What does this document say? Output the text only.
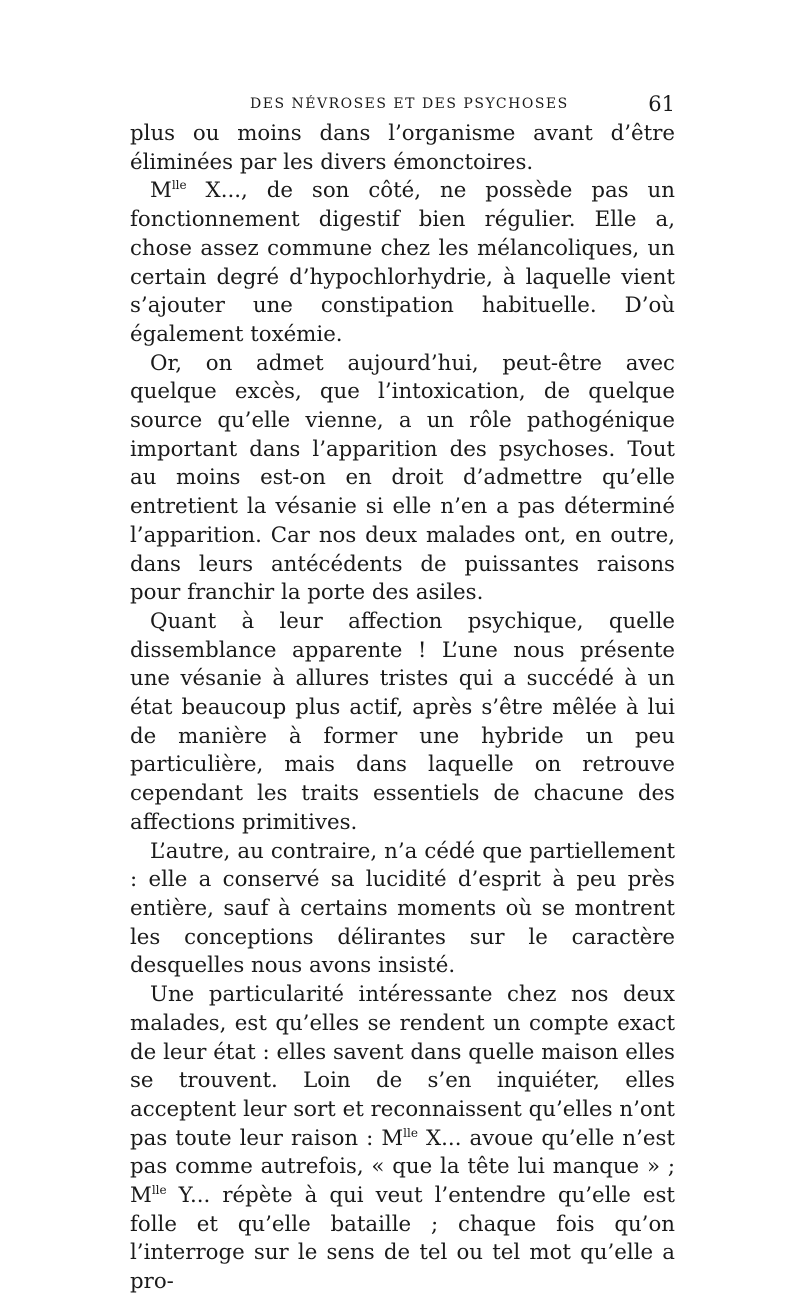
DES NÉVROSES ET DES PSYCHOSES	61

plus ou moins dans l’organisme avant d’être éliminées par les divers émonctoires.

$M^{lle}$ X..., de son côté, ne possède pas un fonctionnement digestif bien régulier. Elle a, chose assez commune chez les mélancoliques, un certain degré d’hypochlorhydrie, à laquelle vient s’ajouter une constipation habituelle. D’où également toxémie.

Or, on admet aujourd’hui, peut-être avec quelque excès, que l’intoxication, de quelque source qu’elle vienne, a un rôle pathogénique important dans l’apparition des psychoses. Tout au moins est-on en droit d’admettre qu’elle entretient la vésanie si elle n’en a pas déterminé l’apparition. Car nos deux malades ont, en outre, dans leurs antécédents de puissantes raisons pour franchir la porte des asiles.

Quant à leur affection psychique, quelle dissemblance apparente ! L’une nous présente une vésanie à allures tristes qui a succédé à un état beaucoup plus actif, après s’être mêlée à lui de manière à former une hybride un peu particulière, mais dans laquelle on retrouve cependant les traits essentiels de chacune des affections primitives.

L’autre, au contraire, n’a cédé que partiellement : elle a conservé sa lucidité d’esprit à peu près entière, sauf à certains moments où se montrent les conceptions délirantes sur le caractère desquelles nous avons insisté.

Une particularité intéressante chez nos deux malades, est qu’elles se rendent un compte exact de leur état : elles savent dans quelle maison elles se trouvent. Loin de s’en inquiéter, elles acceptent leur sort et reconnaissent qu’elles n’ont pas toute leur raison : $M^{lle}$ X... avoue qu’elle n’est pas comme autrefois, « que la tête lui manque » ; $M^{lle}$ Y... répète à qui veut l’entendre qu’elle est folle et qu’elle bataille ; chaque fois qu’on l’interroge sur le sens de tel ou tel mot qu’elle a pro-
